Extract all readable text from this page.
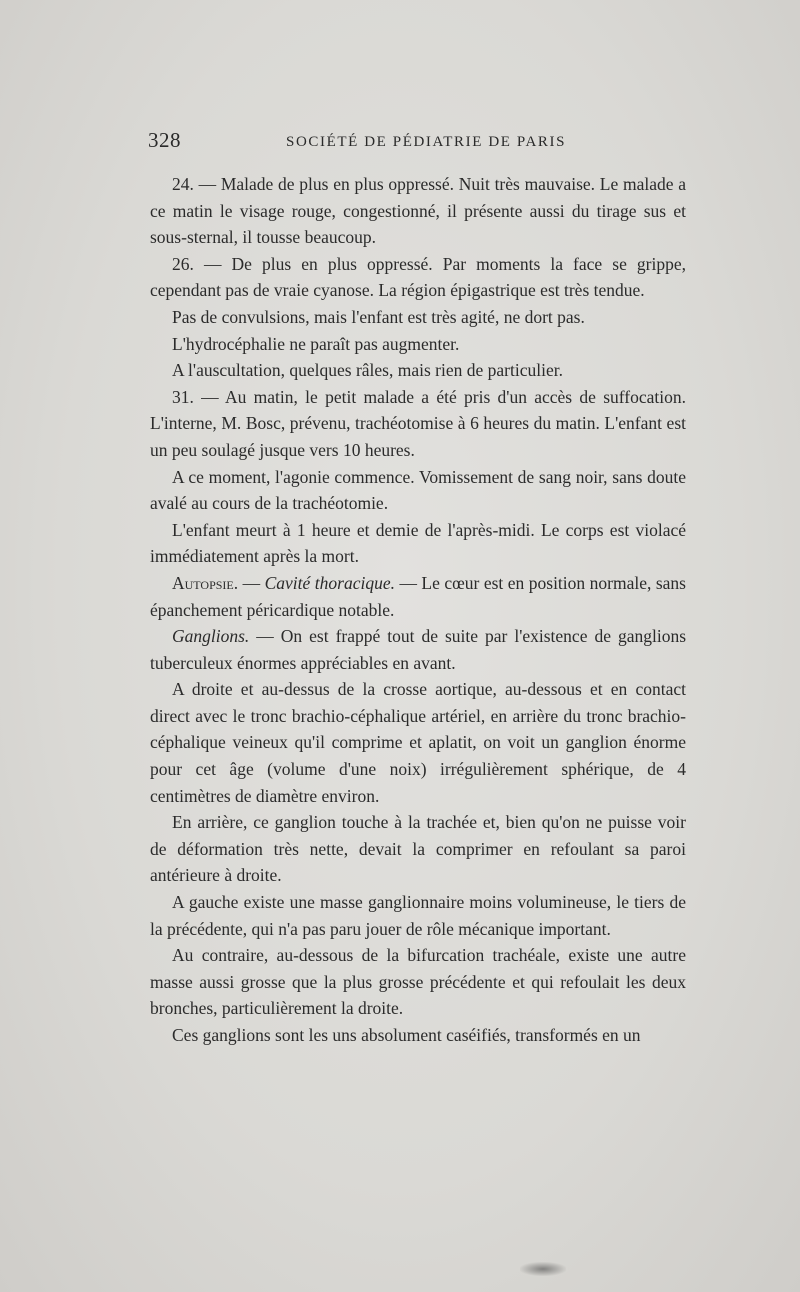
328	SOCIÉTÉ DE PÉDIATRIE DE PARIS

24. — Malade de plus en plus oppressé. Nuit très mauvaise. Le malade a ce matin le visage rouge, congestionné, il présente aussi du tirage sus et sous-sternal, il tousse beaucoup.

26. — De plus en plus oppressé. Par moments la face se grippe, cependant pas de vraie cyanose. La région épigastrique est très tendue.

Pas de convulsions, mais l'enfant est très agité, ne dort pas.

L'hydrocéphalie ne paraît pas augmenter.

A l'auscultation, quelques râles, mais rien de particulier.

31. — Au matin, le petit malade a été pris d'un accès de suffocation. L'interne, M. Bosc, prévenu, trachéotomise à 6 heures du matin. L'enfant est un peu soulagé jusque vers 10 heures.

A ce moment, l'agonie commence. Vomissement de sang noir, sans doute avalé au cours de la trachéotomie.

L'enfant meurt à 1 heure et demie de l'après-midi. Le corps est violacé immédiatement après la mort.

Autopsie. — Cavité thoracique. — Le cœur est en position normale, sans épanchement péricardique notable.

Ganglions. — On est frappé tout de suite par l'existence de ganglions tuberculeux énormes appréciables en avant.

A droite et au-dessus de la crosse aortique, au-dessous et en contact direct avec le tronc brachio-céphalique artériel, en arrière du tronc brachio-céphalique veineux qu'il comprime et aplatit, on voit un ganglion énorme pour cet âge (volume d'une noix) irrégulièrement sphérique, de 4 centimètres de diamètre environ.

En arrière, ce ganglion touche à la trachée et, bien qu'on ne puisse voir de déformation très nette, devait la comprimer en refoulant sa paroi antérieure à droite.

A gauche existe une masse ganglionnaire moins volumineuse, le tiers de la précédente, qui n'a pas paru jouer de rôle mécanique important.

Au contraire, au-dessous de la bifurcation trachéale, existe une autre masse aussi grosse que la plus grosse précédente et qui refoulait les deux bronches, particulièrement la droite.

Ces ganglions sont les uns absolument caséifiés, transformés en un
